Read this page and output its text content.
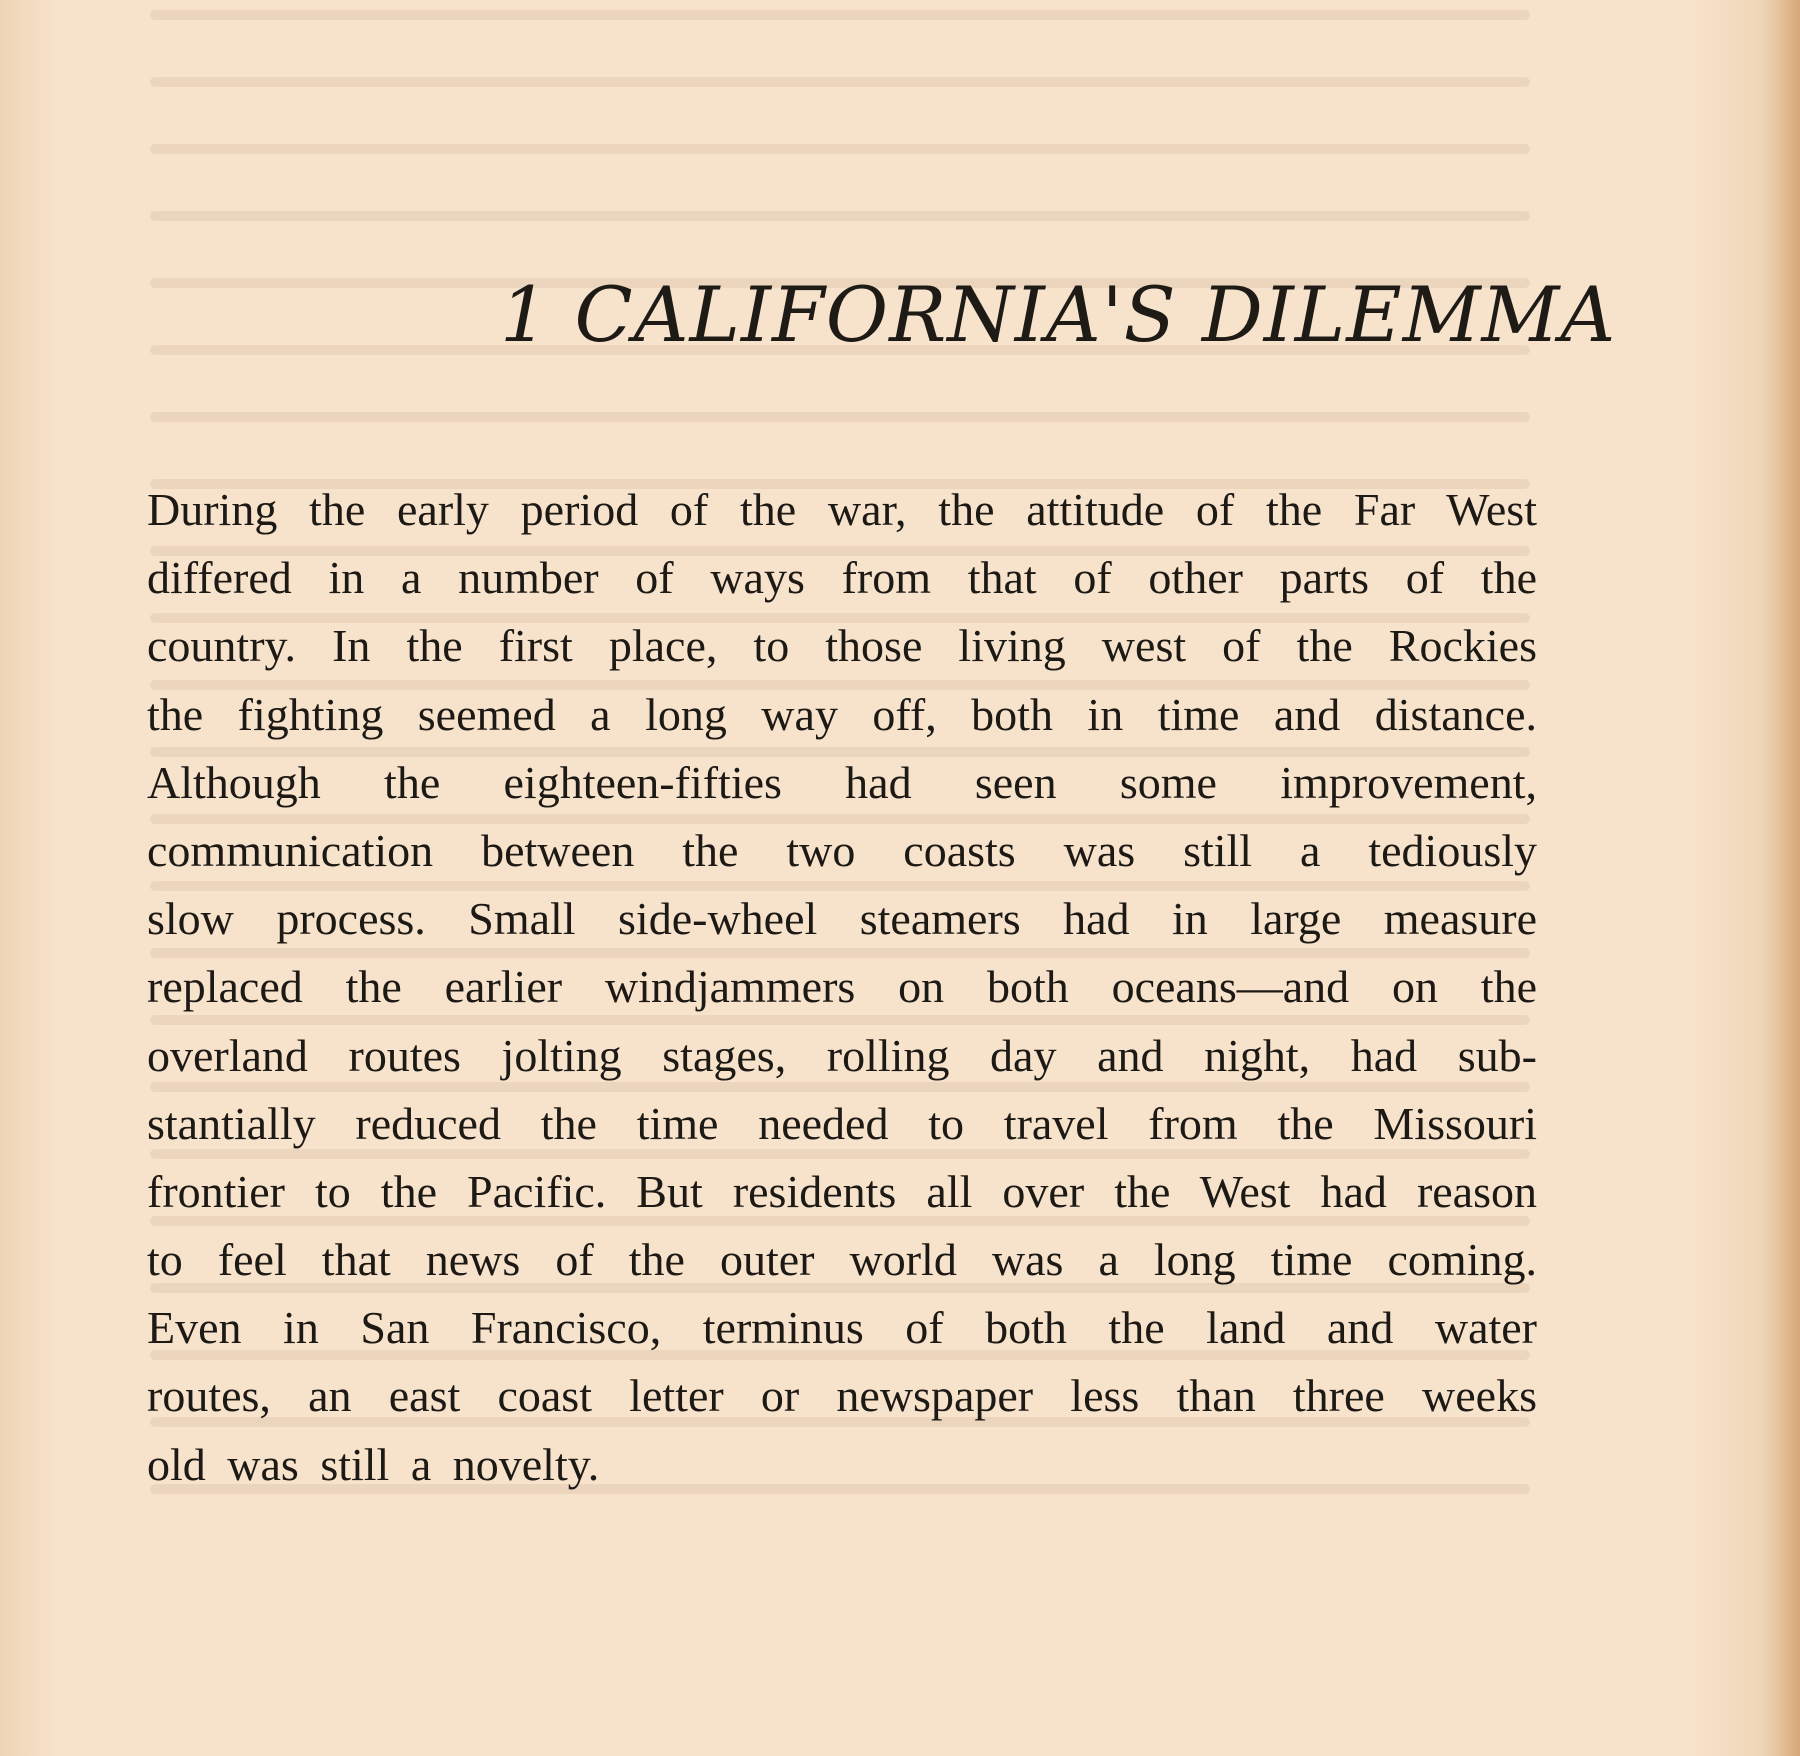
1 CALIFORNIA'S DILEMMA
During the early period of the war, the attitude of the Far West
differed in a number of ways from that of other parts of the
country. In the first place, to those living west of the Rockies
the fighting seemed a long way off, both in time and distance.
Although the eighteen-fifties had seen some improvement,
communication between the two coasts was still a tediously
slow process. Small side-wheel steamers had in large measure
replaced the earlier windjammers on both oceans—and on the
overland routes jolting stages, rolling day and night, had sub-
stantially reduced the time needed to travel from the Missouri
frontier to the Pacific. But residents all over the West had reason
to feel that news of the outer world was a long time coming.
Even in San Francisco, terminus of both the land and water
routes, an east coast letter or newspaper less than three weeks
old was still a novelty.
